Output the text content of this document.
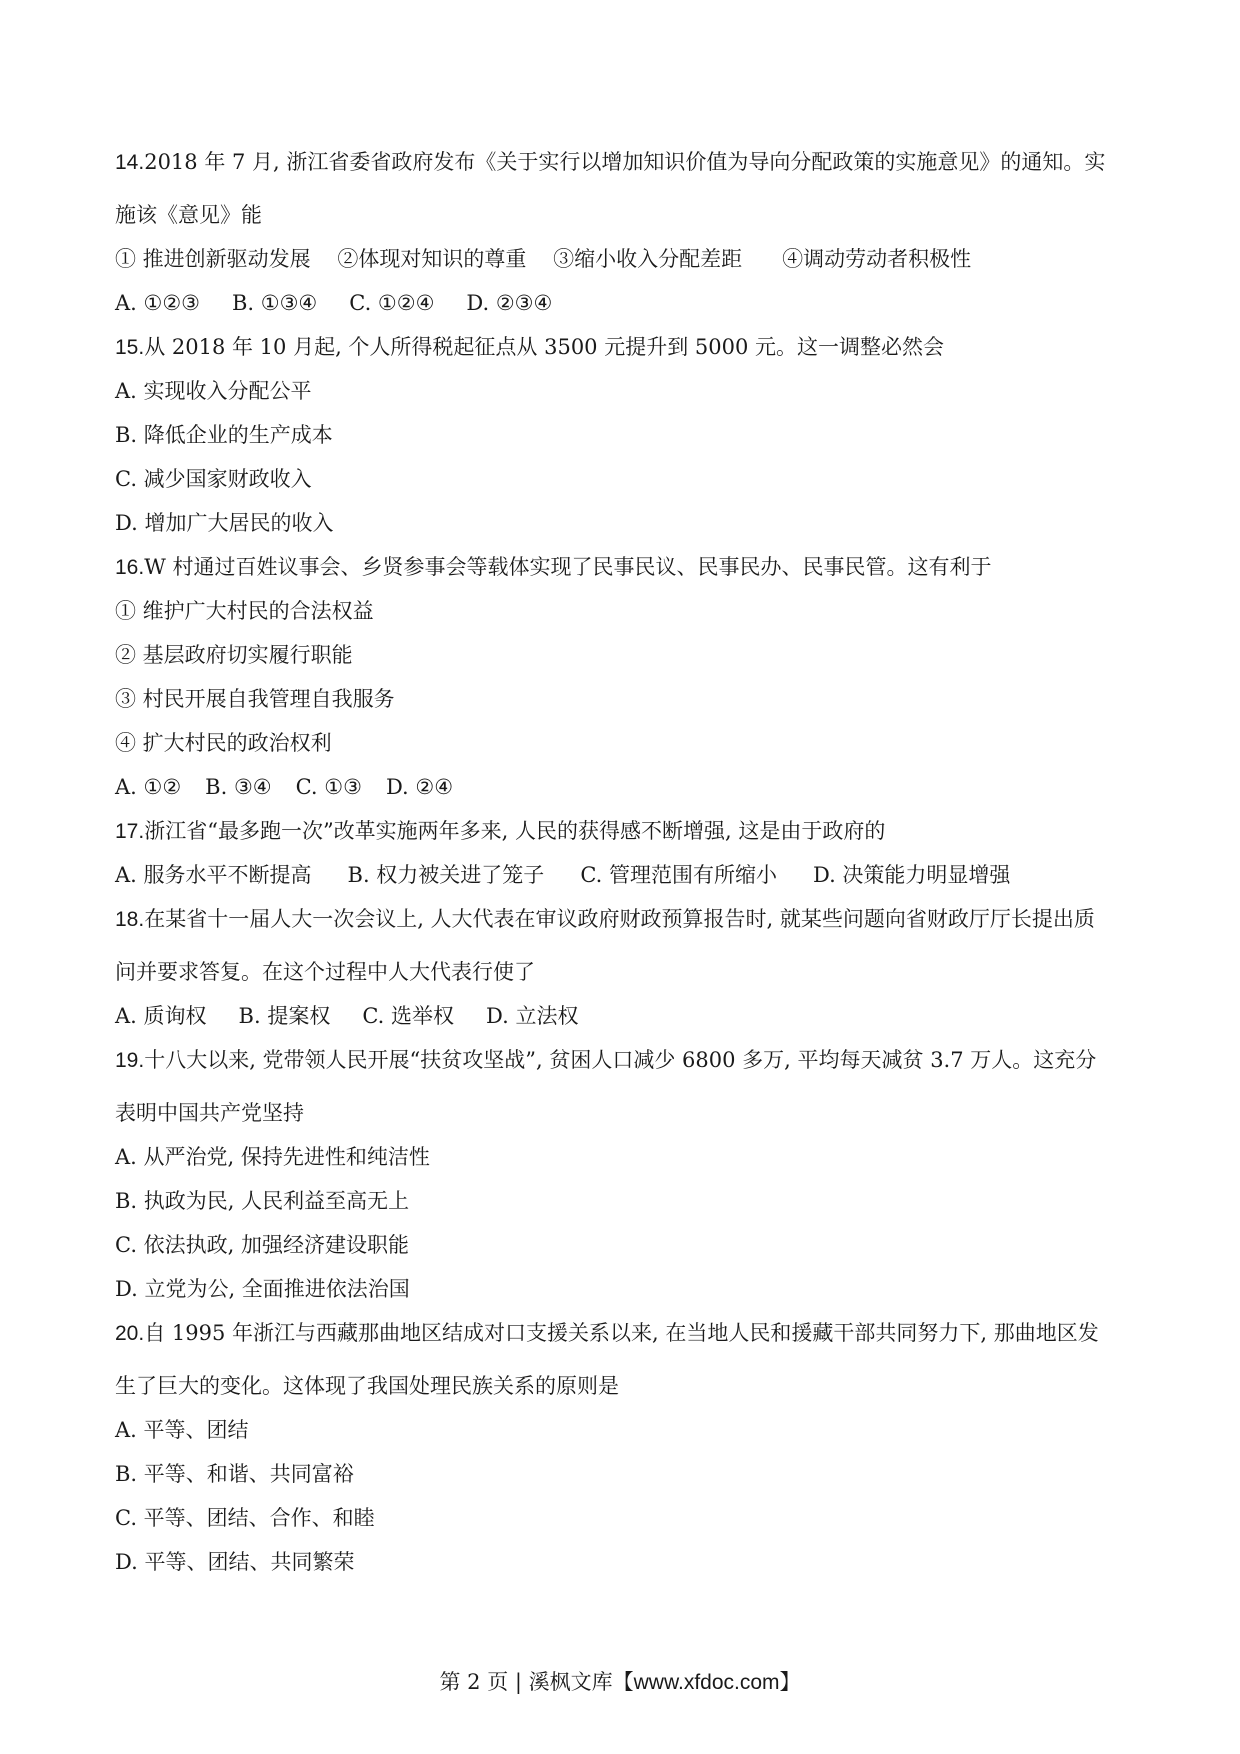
14.2018 年 7 月, 浙江省委省政府发布《关于实行以增加知识价值为导向分配政策的实施意见》的通知。实
施该《意见》能
① 推进创新驱动发展 ②体现对知识的尊重 ③缩小收入分配差距 ④调动劳动者积极性
A. ①②③ B. ①③④ C. ①②④ D. ②③④
15.从 2018 年 10 月起, 个人所得税起征点从 3500 元提升到 5000 元。这一调整必然会
A. 实现收入分配公平
B. 降低企业的生产成本
C. 减少国家财政收入
D. 增加广大居民的收入
16.W 村通过百姓议事会、乡贤参事会等载体实现了民事民议、民事民办、民事民管。这有利于
① 维护广大村民的合法权益
② 基层政府切实履行职能
③ 村民开展自我管理自我服务
④ 扩大村民的政治权利
A. ①② B. ③④ C. ①③ D. ②④
17.浙江省“最多跑一次”改革实施两年多来, 人民的获得感不断增强, 这是由于政府的
A. 服务水平不断提高 B. 权力被关进了笼子 C. 管理范围有所缩小 D. 决策能力明显增强
18.在某省十一届人大一次会议上, 人大代表在审议政府财政预算报告时, 就某些问题向省财政厅厅长提出质
问并要求答复。在这个过程中人大代表行使了
A. 质询权 B. 提案权 C. 选举权 D. 立法权
19.十八大以来, 党带领人民开展“扶贫攻坚战”, 贫困人口减少 6800 多万, 平均每天减贫 3.7 万人。这充分
表明中国共产党坚持
A. 从严治党, 保持先进性和纯洁性
B. 执政为民, 人民利益至高无上
C. 依法执政, 加强经济建设职能
D. 立党为公, 全面推进依法治国
20.自 1995 年浙江与西藏那曲地区结成对口支援关系以来, 在当地人民和援藏干部共同努力下, 那曲地区发
生了巨大的变化。这体现了我国处理民族关系的原则是
A. 平等、团结
B. 平等、和谐、共同富裕
C. 平等、团结、合作、和睦
D. 平等、团结、共同繁荣
第 2 页 | 溪枫文库【www.xfdoc.com】
